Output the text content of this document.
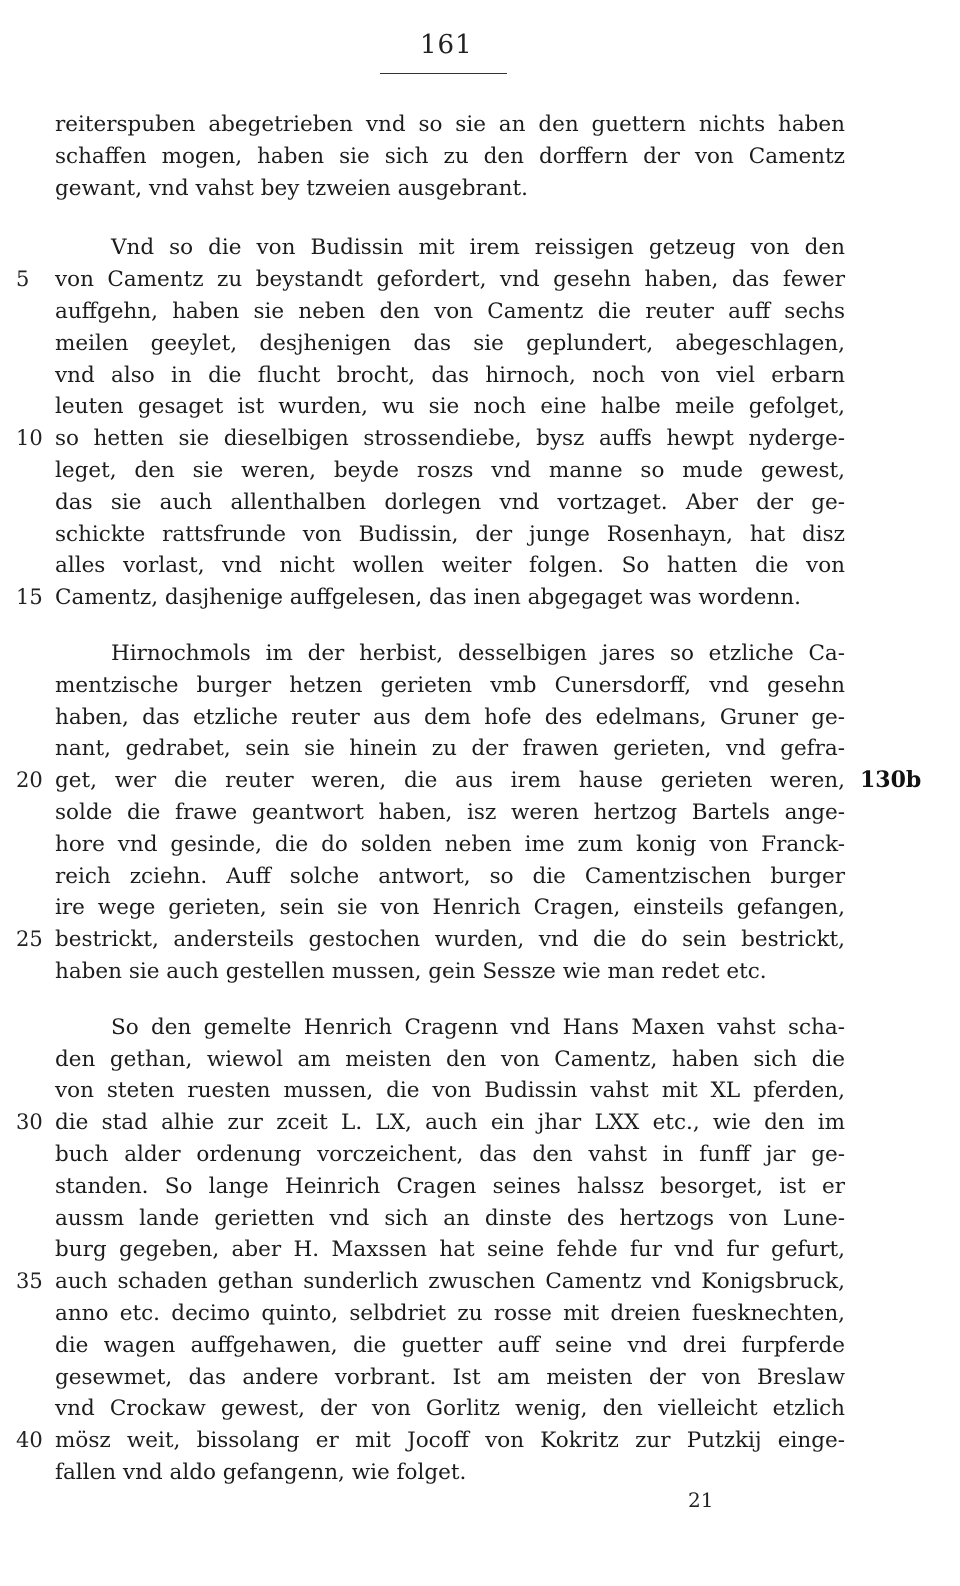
161
reiterspuben abegetrieben vnd so sie an den guettern nichts haben
schaffen mogen, haben sie sich zu den dorffern der von Camentz
gewant, vnd vahst bey tzweien ausgebrant.
Vnd so die von Budissin mit irem reissigen getzeug von den
von Camentz zu beystandt gefordert, vnd gesehn haben, das fewer
auffgehn, haben sie neben den von Camentz die reuter auff sechs
meilen geeylet, desjhenigen das sie geplundert, abegeschlagen,
vnd also in die flucht brocht, das hirnoch, noch von viel erbarn
leuten gesaget ist wurden, wu sie noch eine halbe meile gefolget,
so hetten sie dieselbigen strossendiebe, bysz auffs hewpt nyderge-
leget, den sie weren, beyde roszs vnd manne so mude gewest,
das sie auch allenthalben dorlegen vnd vortzaget. Aber der ge-
schickte rattsfrunde von Budissin, der junge Rosenhayn, hat disz
alles vorlast, vnd nicht wollen weiter folgen. So hatten die von
Camentz, dasjhenige auffgelesen, das inen abgegaget was wordenn.
Hirnochmols im der herbist, desselbigen jares so etzliche Ca-
mentzische burger hetzen gerieten vmb Cunersdorff, vnd gesehn
haben, das etzliche reuter aus dem hofe des edelmans, Gruner ge-
nant, gedrabet, sein sie hinein zu der frawen gerieten, vnd gefra-
get, wer die reuter weren, die aus irem hause gerieten weren,
solde die frawe geantwort haben, isz weren hertzog Bartels ange-
hore vnd gesinde, die do solden neben ime zum konig von Franck-
reich zciehn. Auff solche antwort, so die Camentzischen burger
ire wege gerieten, sein sie von Henrich Cragen, einsteils gefangen,
bestrickt, andersteils gestochen wurden, vnd die do sein bestrickt,
haben sie auch gestellen mussen, gein Sessze wie man redet etc.
So den gemelte Henrich Cragenn vnd Hans Maxen vahst scha-
den gethan, wiewol am meisten den von Camentz, haben sich die
von steten ruesten mussen, die von Budissin vahst mit XL pferden,
die stad alhie zur zceit L. LX, auch ein jhar LXX etc., wie den im
buch alder ordenung vorczeichent, das den vahst in funff jar ge-
standen. So lange Heinrich Cragen seines halssz besorget, ist er
aussm lande gerietten vnd sich an dinste des hertzogs von Lune-
burg gegeben, aber H. Maxssen hat seine fehde fur vnd fur gefurt,
auch schaden gethan sunderlich zwuschen Camentz vnd Konigsbruck,
anno etc. decimo quinto, selbdriet zu rosse mit dreien fuesknechten,
die wagen auffgehawen, die guetter auff seine vnd drei furpferde
gesewmet, das andere vorbrant. Ist am meisten der von Breslaw
vnd Crockaw gewest, der von Gorlitz wenig, den vielleicht etzlich
mösz weit, bissolang er mit Jocoff von Kokritz zur Putzkij einge-
fallen vnd aldo gefangenn, wie folget.
5
10
15
20
25
30
35
40
130b
21
